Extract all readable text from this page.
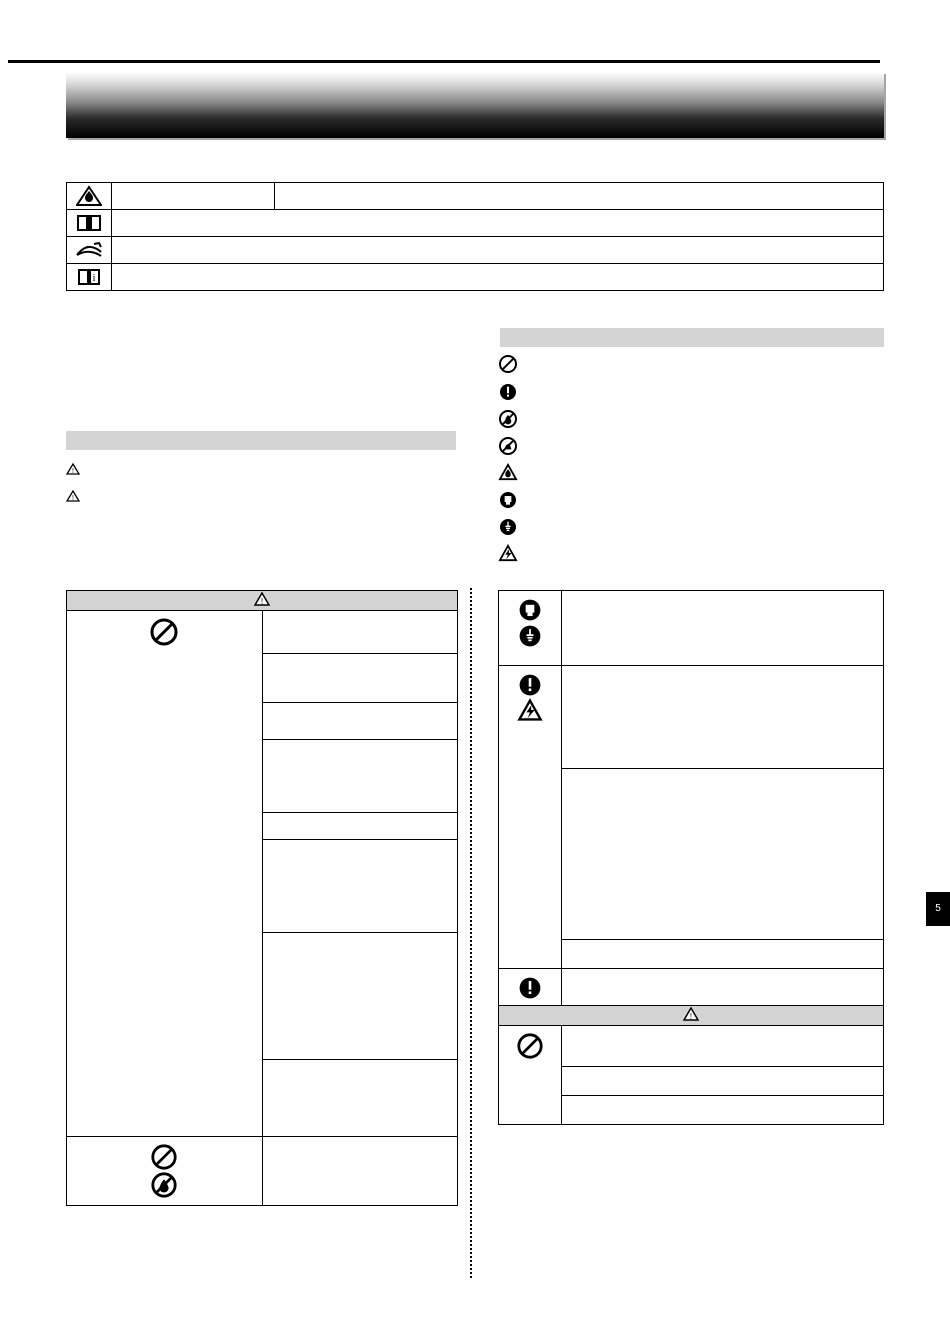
i		

!
!
!	

!	

5
